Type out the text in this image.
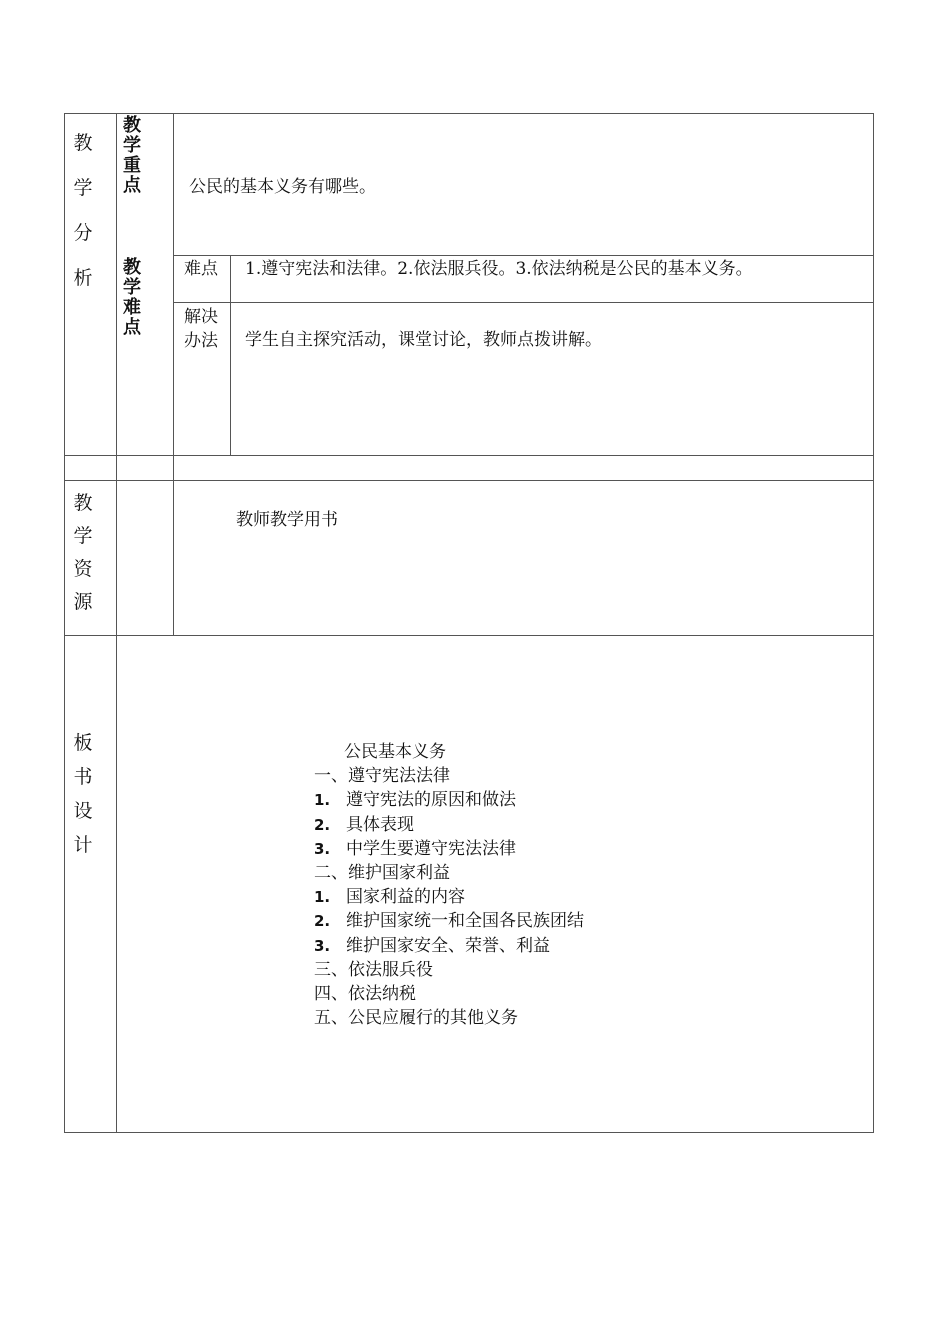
教
学
分
析
教
学
重
点	公民的基本义务有哪些。
教
学
难
点
难点 1.遵守宪法和法律。2.依法服兵役。3.依法纳税是公民的基本义务。
解决
办法 学生自主探究活动，课堂讨论，教师点拨讲解。
教
学
资
源
教师教学用书
板
书
设
计
公民基本义务
一、遵守宪法法律
1. 遵守宪法的原因和做法
2. 具体表现
3. 中学生要遵守宪法法律
二、维护国家利益
1. 国家利益的内容
2. 维护国家统一和全国各民族团结
3. 维护国家安全、荣誉、利益
三、依法服兵役
四、依法纳税
五、公民应履行的其他义务
